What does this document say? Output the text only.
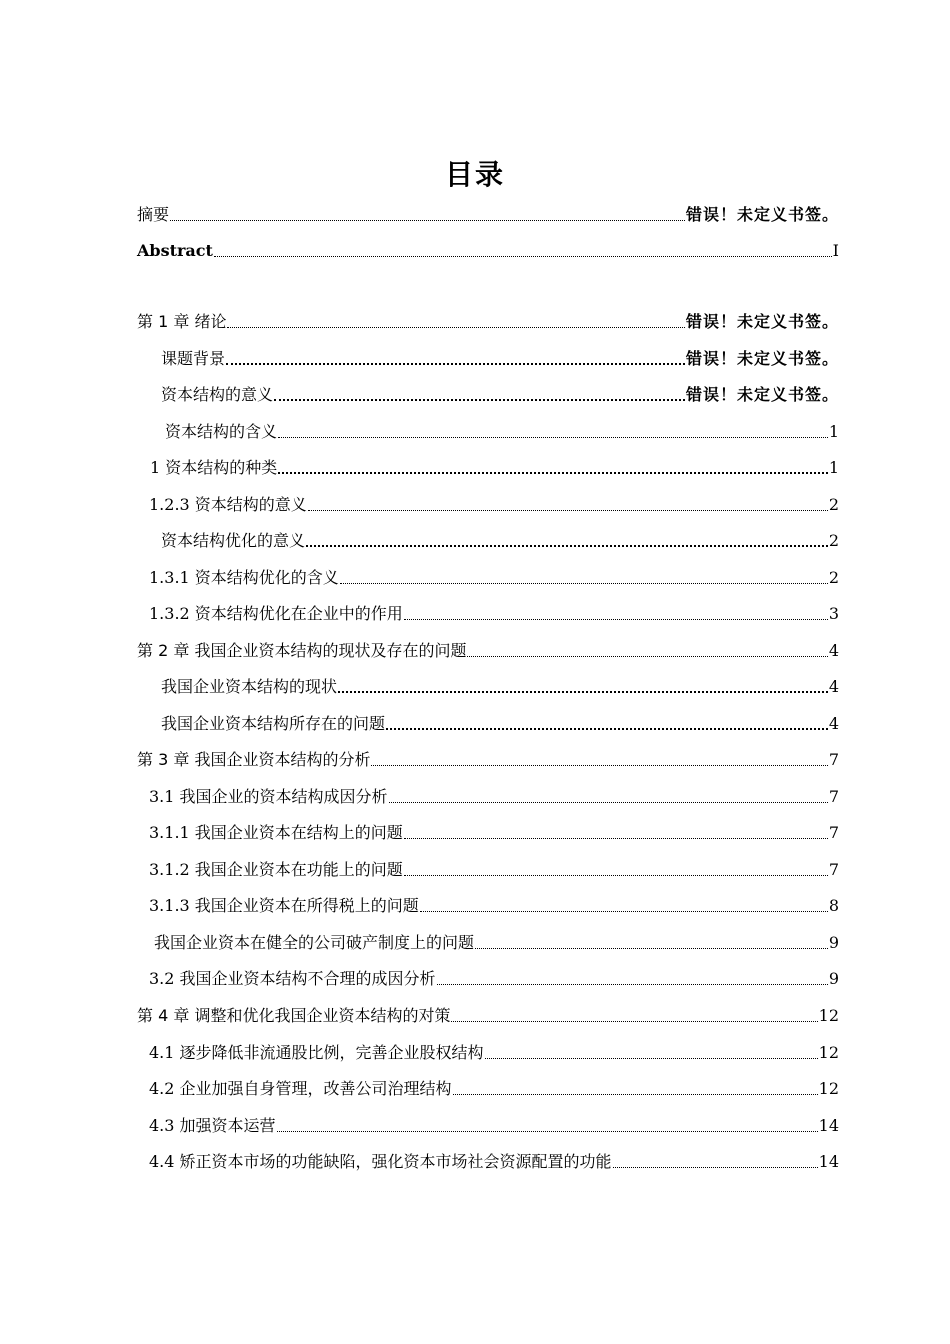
目录
摘要	错误！未定义书签。
Abstract	I
第 1 章 绪论	错误！未定义书签。
课题背景	错误！未定义书签。
资本结构的意义	错误！未定义书签。
资本结构的含义	1
1 资本结构的种类	1
1.2.3 资本结构的意义	2
资本结构优化的意义	2
1.3.1 资本结构优化的含义	2
1.3.2 资本结构优化在企业中的作用	3
第 2 章 我国企业资本结构的现状及存在的问题	4
我国企业资本结构的现状	4
我国企业资本结构所存在的问题	4
第 3 章 我国企业资本结构的分析	7
3.1 我国企业的资本结构成因分析	7
3.1.1 我国企业资本在结构上的问题	7
3.1.2 我国企业资本在功能上的问题	7
3.1.3 我国企业资本在所得税上的问题	8
我国企业资本在健全的公司破产制度上的问题	9
3.2 我国企业资本结构不合理的成因分析	9
第 4 章 调整和优化我国企业资本结构的对策	12
4.1 逐步降低非流通股比例，完善企业股权结构	12
4.2 企业加强自身管理，改善公司治理结构	12
4.3 加强资本运营	14
4.4 矫正资本市场的功能缺陷，强化资本市场社会资源配置的功能	14
